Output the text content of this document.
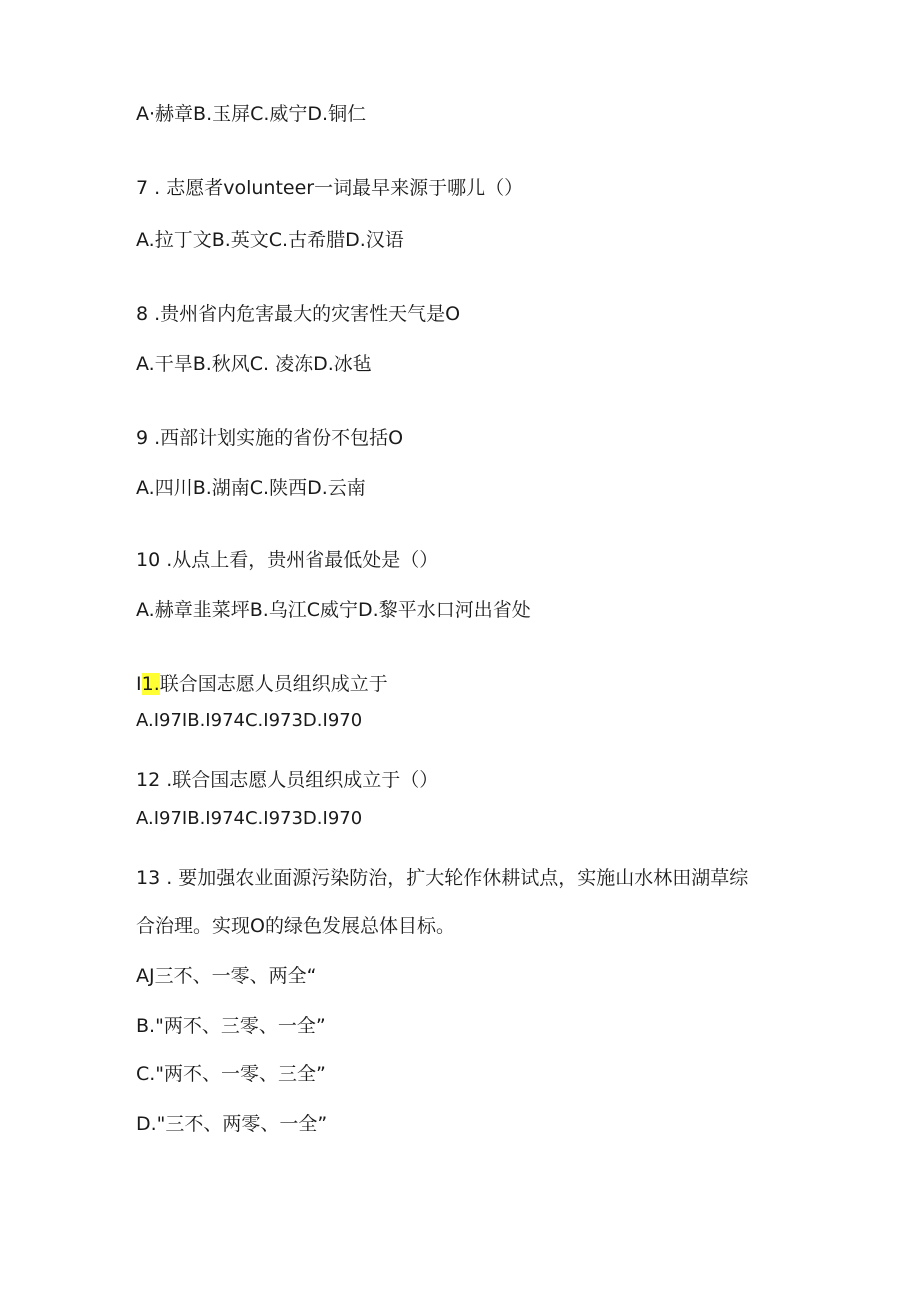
A·赫章B.玉屏C.威宁D.铜仁
7 . 志愿者volunteer一词最早来源于哪儿（）
A.拉丁文B.英文C.古希腊D.汉语
8 .贵州省内危害最大的灾害性天气是O
A.干旱B.秋风C. 凌冻D.冰毡
9 .西部计划实施的省份不包括O
A.四川B.湖南C.陕西D.云南
10 .从点上看，贵州省最低处是（）
A.赫章韭菜坪B.乌江C威宁D.黎平水口河出省处
I1.联合国志愿人员组织成立于
A.I97IB.I974C.I973D.I970
12 .联合国志愿人员组织成立于（）
A.I97IB.I974C.I973D.I970
13 . 要加强农业面源污染防治，扩大轮作休耕试点，实施山水林田湖草综
合治理。实现O的绿色发展总体目标。
AJ三不、一零、两全“
B."两不、三零、一全”
C."两不、一零、三全”
D."三不、两零、一全”
